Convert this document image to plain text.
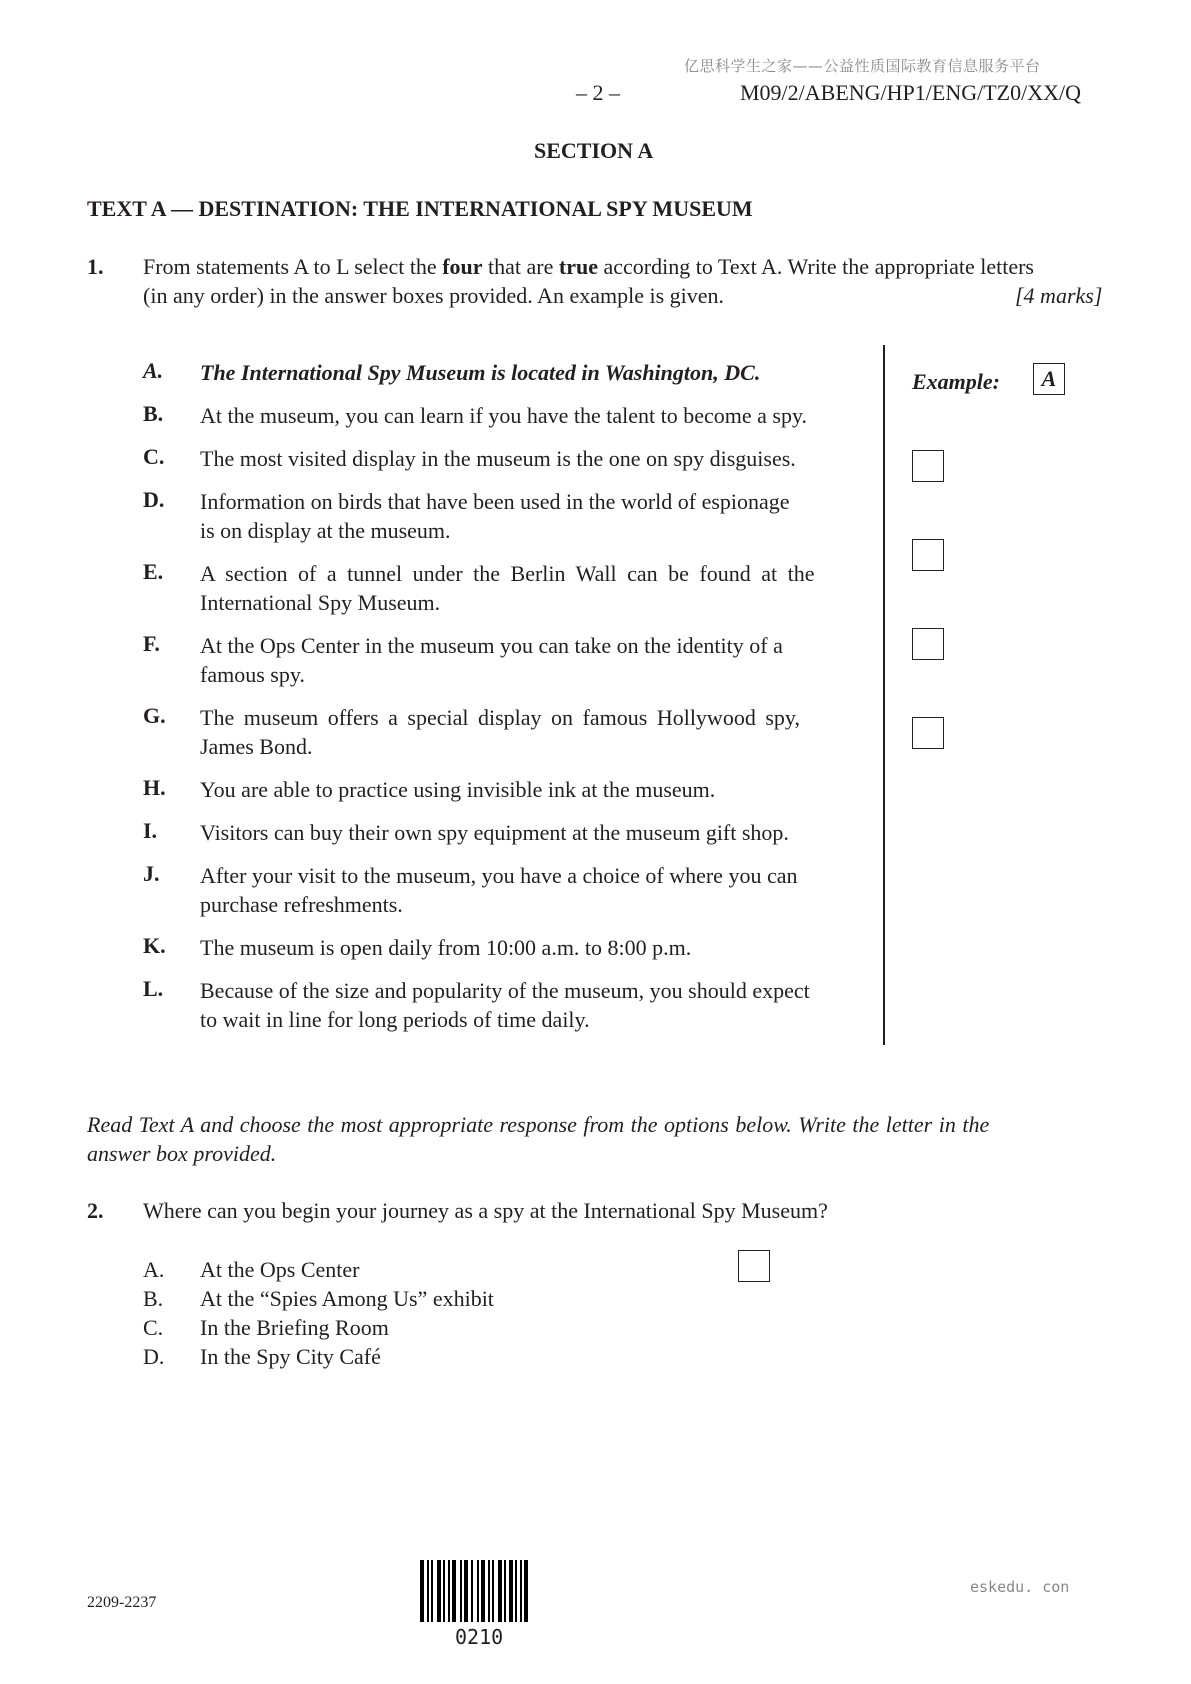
亿思科学生之家——公益性质国际教育信息服务平台
– 2 –	M09/2/ABENG/HP1/ENG/TZ0/XX/Q
SECTION A
TEXT A — DESTINATION: THE INTERNATIONAL SPY MUSEUM
1. From statements A to L select the four that are true according to Text A. Write the appropriate letters
(in any order) in the answer boxes provided. An example is given.	[4 marks]
A. The International Spy Museum is located in Washington, DC.
B. At the museum, you can learn if you have the talent to become a spy.
C. The most visited display in the museum is the one on spy disguises.
D. Information on birds that have been used in the world of espionage
is on display at the museum.
E. A section of a tunnel under the Berlin Wall can be found at the
International Spy Museum.
F. At the Ops Center in the museum you can take on the identity of a
famous spy.
G. The museum offers a special display on famous Hollywood spy,
James Bond.
H. You are able to practice using invisible ink at the museum.
I. Visitors can buy their own spy equipment at the museum gift shop.
J. After your visit to the museum, you have a choice of where you can
purchase refreshments.
K. The museum is open daily from 10:00 a.m. to 8:00 p.m.
L. Because of the size and popularity of the museum, you should expect
to wait in line for long periods of time daily.
Example:	A
Read Text A and choose the most appropriate response from the options below. Write the letter in the
answer box provided.
2. Where can you begin your journey as a spy at the International Spy Museum?
A. At the Ops Center
B. At the “Spies Among Us” exhibit
C. In the Briefing Room
D. In the Spy City Café
2209-2237
0210
eskedu. con
